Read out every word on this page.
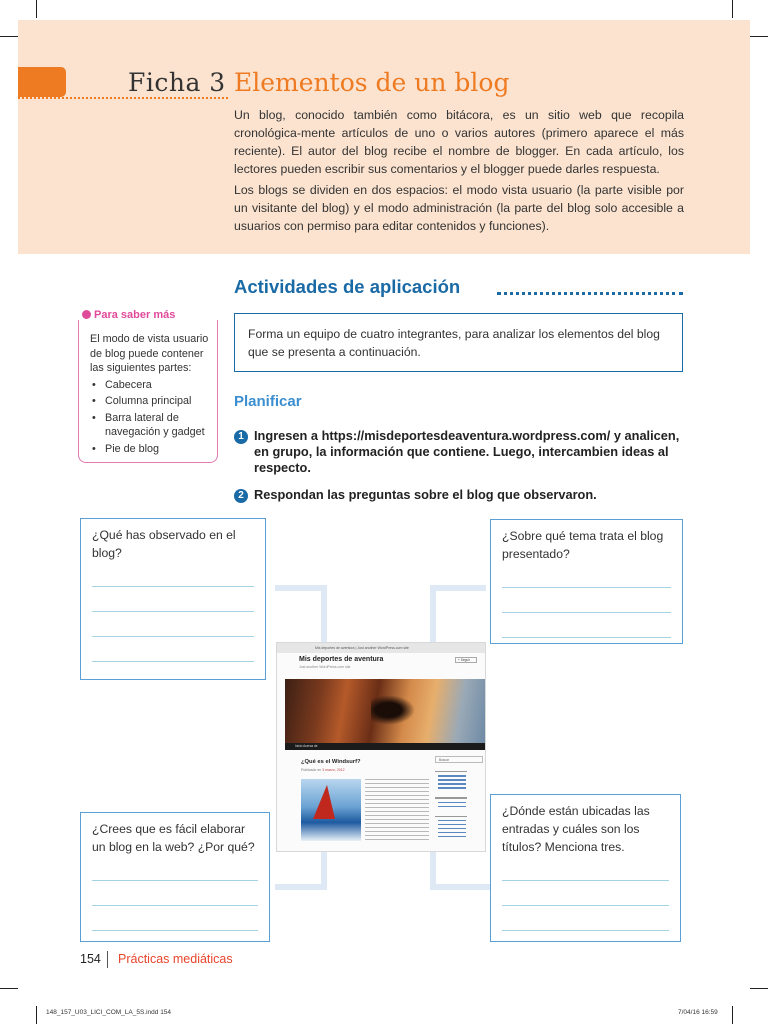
Ficha 3 Elementos de un blog

Un blog, conocido también como bitácora, es un sitio web que recopila cronológica-mente artículos de uno o varios autores (primero aparece el más reciente). El autor del blog recibe el nombre de blogger. En cada artículo, los lectores pueden escribir sus comentarios y el blogger puede darles respuesta.

Los blogs se dividen en dos espacios: el modo vista usuario (la parte visible por un visitante del blog) y el modo administración (la parte del blog solo accesible a usuarios con permiso para editar contenidos y funciones).

Actividades de aplicación
Para saber más
El modo de vista usuario de blog puede contener las siguientes partes:
• Cabecera
• Columna principal
• Barra lateral de navegación y gadget
• Pie de blog
Forma un equipo de cuatro integrantes, para analizar los elementos del blog que se presenta a continuación.
Planificar
1 Ingresen a https://misdeportesdeaventura.wordpress.com/ y analicen, en grupo, la información que contiene. Luego, intercambien ideas al respecto.
2 Respondan las preguntas sobre el blog que observaron.
¿Qué has observado en el blog?
¿Sobre qué tema trata el blog presentado?
¿Crees que es fácil elaborar un blog en la web? ¿Por qué?
¿Dónde están ubicadas las entradas y cuáles son los títulos? Menciona tres.
Mis deportes de aventura | Just another WordPress.com site
Mis deportes de aventura
Just another WordPress.com site
+ Seguir
Inicio Acerca de
¿Qué es el Windsurf?
Publicado en 3 marzo, 2012
Buscar
154 Prácticas mediáticas
148_157_U03_LICI_COM_LA_5S.indd 154	7/04/16 16:59
